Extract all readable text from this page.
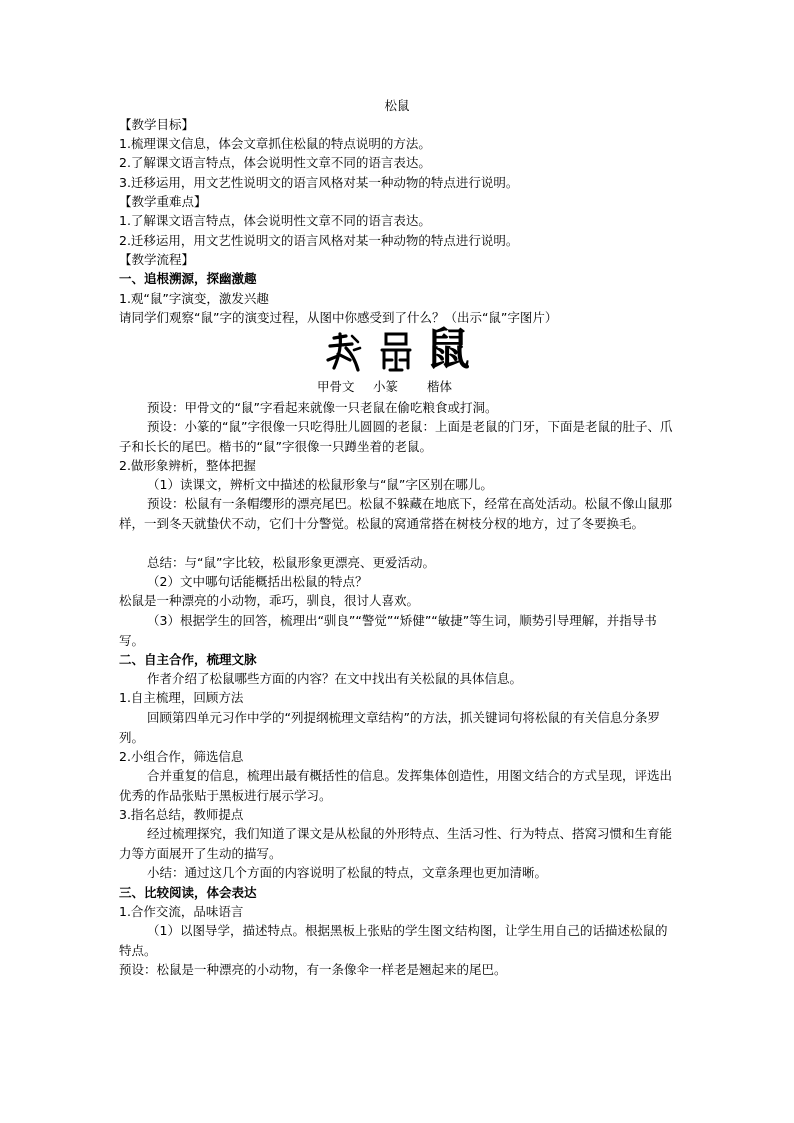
松鼠
【教学目标】
1.梳理课文信息，体会文章抓住松鼠的特点说明的方法。
2.了解课文语言特点，体会说明性文章不同的语言表达。
3.迁移运用，用文艺性说明文的语言风格对某一种动物的特点进行说明。
【教学重难点】
1.了解课文语言特点，体会说明性文章不同的语言表达。
2.迁移运用，用文艺性说明文的语言风格对某一种动物的特点进行说明。
【教学流程】
一、追根溯源，探幽激趣
1.观“鼠”字演变，激发兴趣
请同学们观察“鼠”字的演变过程，从图中你感受到了什么？（出示“鼠”字图片）
鼠
甲骨文 小篆 楷体
预设：甲骨文的“鼠”字看起来就像一只老鼠在偷吃粮食或打洞。
预设：小篆的“鼠”字很像一只吃得肚儿圆圆的老鼠：上面是老鼠的门牙，下面是老鼠的肚子、爪子和长长的尾巴。楷书的“鼠”字很像一只蹲坐着的老鼠。
2.做形象辨析，整体把握
（1）读课文，辨析文中描述的松鼠形象与“鼠”字区别在哪儿。
预设：松鼠有一条帽缨形的漂亮尾巴。松鼠不躲藏在地底下，经常在高处活动。松鼠不像山鼠那样，一到冬天就蛰伏不动，它们十分警觉。松鼠的窝通常搭在树枝分杈的地方，过了冬要换毛。
总结：与“鼠”字比较，松鼠形象更漂亮、更爱活动。
（2）文中哪句话能概括出松鼠的特点？
松鼠是一种漂亮的小动物，乖巧，驯良，很讨人喜欢。
（3）根据学生的回答，梳理出“驯良”“警觉”“矫健”“敏捷”等生词，顺势引导理解，并指导书写。
二、自主合作，梳理文脉
作者介绍了松鼠哪些方面的内容？在文中找出有关松鼠的具体信息。
1.自主梳理，回顾方法
回顾第四单元习作中学的“列提纲梳理文章结构”的方法，抓关键词句将松鼠的有关信息分条罗列。
2.小组合作，筛选信息
合并重复的信息，梳理出最有概括性的信息。发挥集体创造性，用图文结合的方式呈现，评选出优秀的作品张贴于黑板进行展示学习。
3.指名总结，教师提点
经过梳理探究，我们知道了课文是从松鼠的外形特点、生活习性、行为特点、搭窝习惯和生育能力等方面展开了生动的描写。
小结：通过这几个方面的内容说明了松鼠的特点，文章条理也更加清晰。
三、比较阅读，体会表达
1.合作交流，品味语言
（1）以图导学，描述特点。根据黑板上张贴的学生图文结构图，让学生用自己的话描述松鼠的特点。
预设：松鼠是一种漂亮的小动物，有一条像伞一样老是翘起来的尾巴。
